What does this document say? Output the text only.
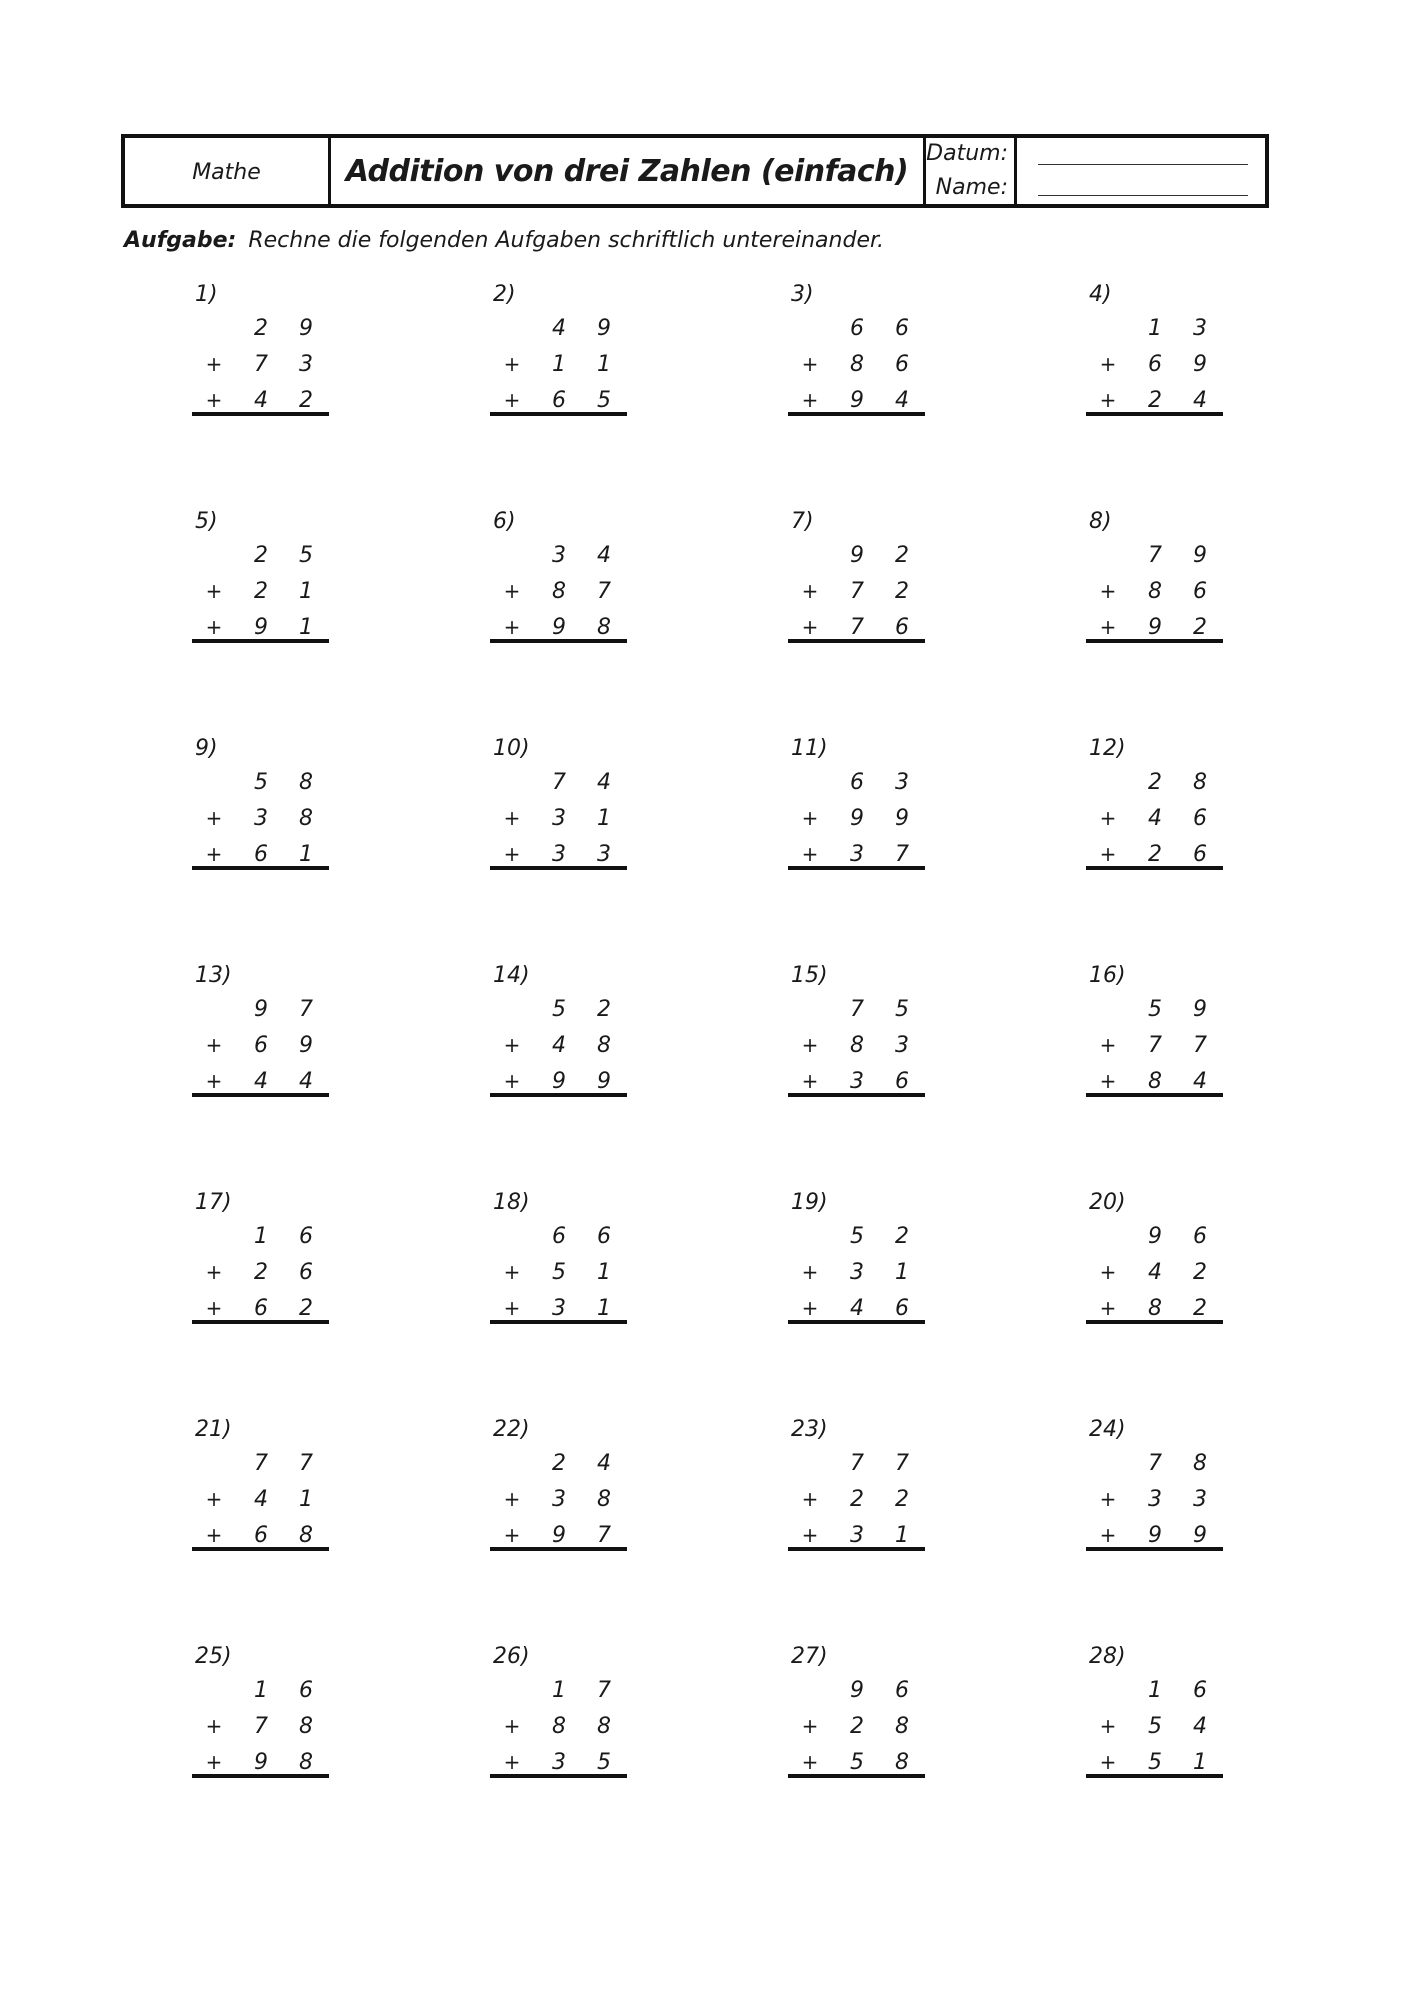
Mathe	Addition von drei Zahlen (einfach) Datum:
Name:
Aufgabe: Rechne die folgenden Aufgaben schriftlich untereinander.
1)
2 9
+ 7 3
+ 4 2
2)
4 9
+ 1 1
+ 6 5
3)
6 6
+ 8 6
+ 9 4
4)
1 3
+ 6 9
+ 2 4
5)
2 5
+ 2 1
+ 9 1
6)
3 4
+ 8 7
+ 9 8
7)
9 2
+ 7 2
+ 7 6
8)
7 9
+ 8 6
+ 9 2
9)
5 8
+ 3 8
+ 6 1
10)
7 4
+ 3 1
+ 3 3
11)
6 3
+ 9 9
+ 3 7
12)
2 8
+ 4 6
+ 2 6
13)
9 7
+ 6 9
+ 4 4
14)
5 2
+ 4 8
+ 9 9
15)
7 5
+ 8 3
+ 3 6
16)
5 9
+ 7 7
+ 8 4
17)
1 6
+ 2 6
+ 6 2
18)
6 6
+ 5 1
+ 3 1
19)
5 2
+ 3 1
+ 4 6
20)
9 6
+ 4 2
+ 8 2
21)
7 7
+ 4 1
+ 6 8
22)
2 4
+ 3 8
+ 9 7
23)
7 7
+ 2 2
+ 3 1
24)
7 8
+ 3 3
+ 9 9
25)
1 6
+ 7 8
+ 9 8
26)
1 7
+ 8 8
+ 3 5
27)
9 6
+ 2 8
+ 5 8
28)
1 6
+ 5 4
+ 5 1
